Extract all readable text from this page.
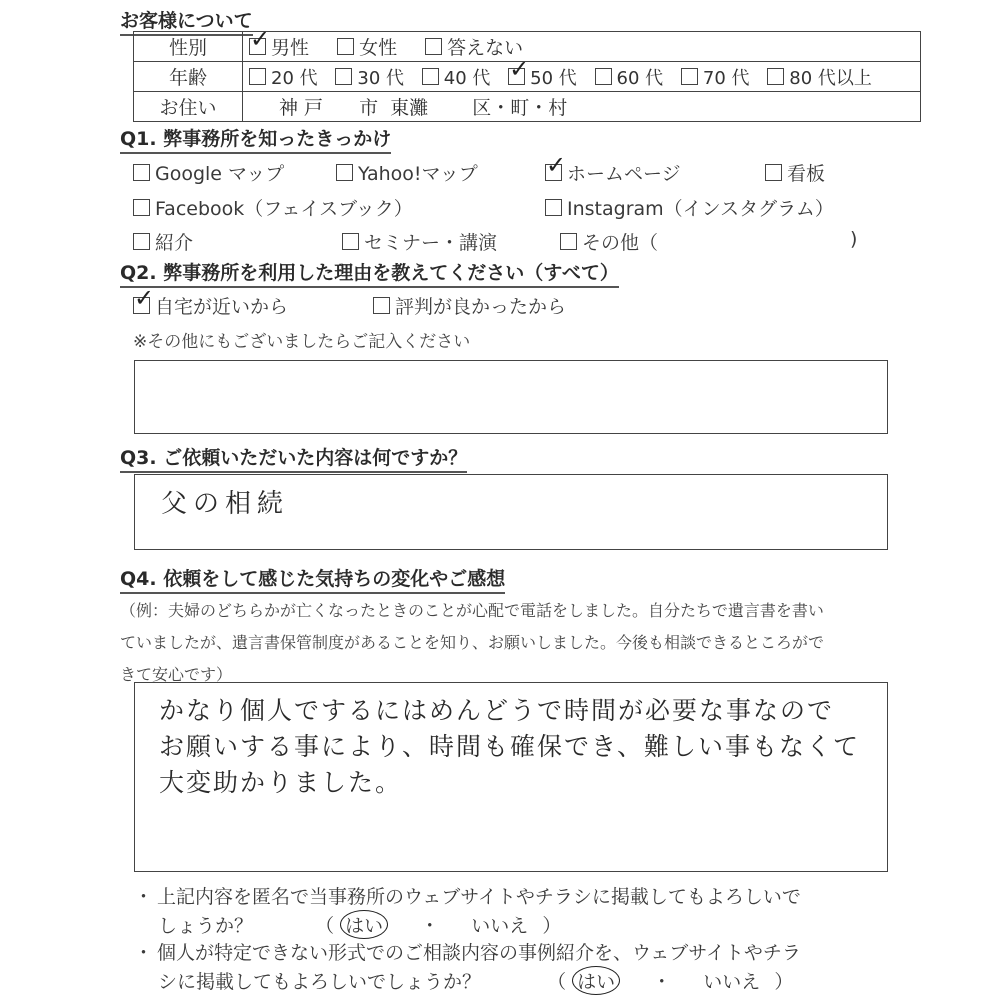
お客様について
性別	✓ 男性 女性 答えない
年齢	20 代 30 代 40 代 ✓ 50 代 60 代 70 代 80 代以上
お住い	神 戸 市 東灘 区・町・村
Q1. 弊事務所を知ったきっかけ
Google マップ	Yahoo!マップ	✓ ホームページ	看板
Facebook（フェイスブック）	Instagram（インスタグラム）
紹介	セミナー・講演	その他（	)
Q2. 弊事務所を利用した理由を教えてください（すべて）
✓ 自宅が近いから	評判が良かったから
※その他にもございましたらご記入ください
Q3. ご依頼いただいた内容は何ですか？
父の相続
Q4. 依頼をして感じた気持ちの変化やご感想
（例：夫婦のどちらかが亡くなったときのことが心配で電話をしました。自分たちで遺言書を書い
ていましたが、遺言書保管制度があることを知り、お願いしました。今後も相談できるところがで
きて安心です）
かなり個人でするにはめんどうで時間が必要な事なので
お願いする事により、時間も確保でき、難しい事もなくて
大変助かりました。
・ 上記内容を匿名で当事務所のウェブサイトやチラシに掲載してもよろしいで
しょうか？	（ はい ・ いいえ ）
・ 個人が特定できない形式でのご相談内容の事例紹介を、ウェブサイトやチラ
シに掲載してもよろしいでしょうか？	（ はい ・ いいえ ）
